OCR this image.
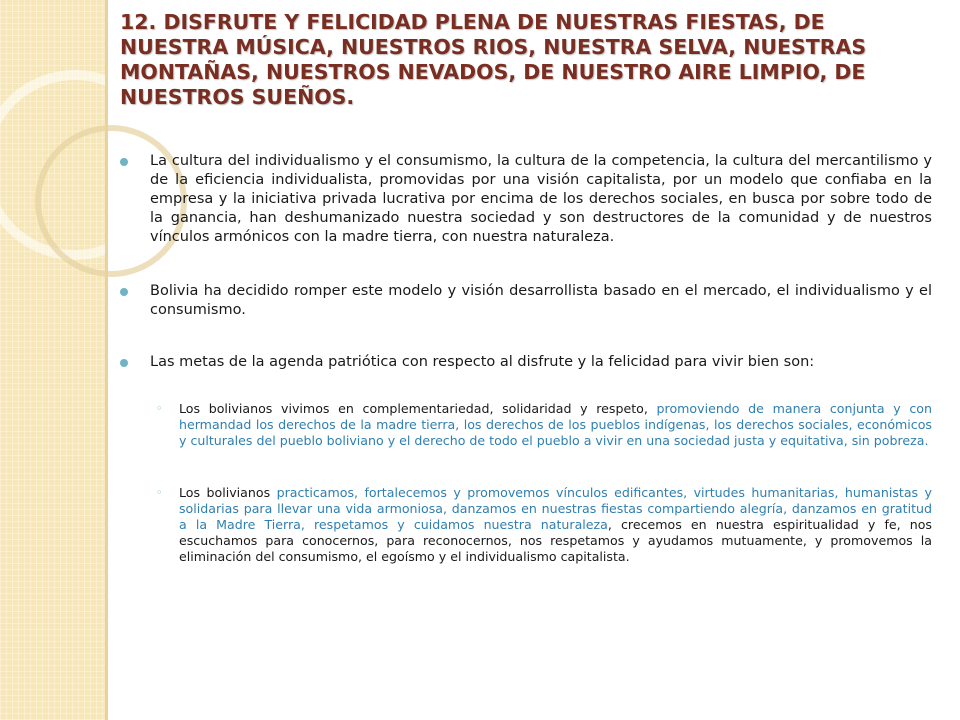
12. DISFRUTE Y FELICIDAD PLENA DE NUESTRAS FIESTAS, DE NUESTRA MÚSICA, NUESTROS RIOS, NUESTRA SELVA, NUESTRAS MONTAÑAS, NUESTROS NEVADOS, DE NUESTRO AIRE LIMPIO, DE NUESTROS SUEÑOS.
La cultura del individualismo y el consumismo, la cultura de la competencia, la cultura del mercantilismo y de la eficiencia individualista, promovidas por una visión capitalista, por un modelo que confiaba en la empresa y la iniciativa privada lucrativa por encima de los derechos sociales, en busca por sobre todo de la ganancia, han deshumanizado nuestra sociedad y son destructores de la comunidad y de nuestros vínculos armónicos con la madre tierra, con nuestra naturaleza.
Bolivia ha decidido romper este modelo y visión desarrollista basado en el mercado, el individualismo y el consumismo.
Las metas de la agenda patriótica con respecto al disfrute y la felicidad para vivir bien son:
◦ Los bolivianos vivimos en complementariedad, solidaridad y respeto, promoviendo de manera conjunta y con hermandad los derechos de la madre tierra, los derechos de los pueblos indígenas, los derechos sociales, económicos y culturales del pueblo boliviano y el derecho de todo el pueblo a vivir en una sociedad justa y equitativa, sin pobreza.
◦ Los bolivianos practicamos, fortalecemos y promovemos vínculos edificantes, virtudes humanitarias, humanistas y solidarias para llevar una vida armoniosa, danzamos en nuestras fiestas compartiendo alegría, danzamos en gratitud a la Madre Tierra, respetamos y cuidamos nuestra naturaleza, crecemos en nuestra espiritualidad y fe, nos escuchamos para conocernos, para reconocernos, nos respetamos y ayudamos mutuamente, y promovemos la eliminación del consumismo, el egoísmo y el individualismo capitalista.
